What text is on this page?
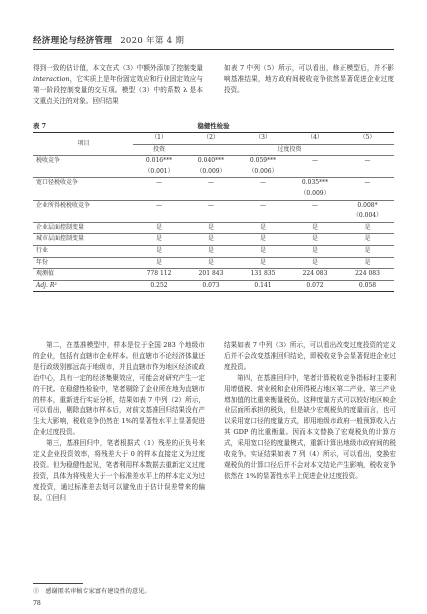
经济理论与经济管理 2020 年第 4 期

得到一致的估计值，本文在式（3）中额外添加了控制变量 interaction，它实质上是年份固定效应和行业固定效应与第一阶段控制变量的交互项。模型（3）中的系数 λ 是本文重点关注的对象。回归结果

如表 7 中列（5）所示，可以看出，修正模型后，并不影响基准结果，地方政府间税收竞争依然显著促进企业过度投资。

表 7	稳健性检验
项目	（1）	（2）	（3）	（4）	（5）
	投资	过度投资			
税收竞争	0.016***	0.040***	0.059***	—	—
	（0.001）	（0.009）	（0.006）		
宽口径税收竞争	—	—	—	0.035***	—
				（0.009）	
企业所得税税收竞争	—	—	—	—	0.008*
					（0.004）
企业层面控制变量	是	是	是	是	是
城市层面控制变量	是	是	是	是	是
行业	是	是	是	是	是
年份	是	是	是	是	是
观测值	778 112	201 843	131 835	224 083	224 083
Adj. R²	0.252	0.073	0.141	0.072	0.058

第二，在基准模型中，样本是位于全国 283 个地级市的企业，包括有直辖市企业样本。但直辖市不论经济体量还是行政级别都远高于地级市，并且直辖市作为地区经济或政治中心，具有一定的经济集聚效应，可能会对研究产生一定的干扰。在稳健性检验中，笔者剔除了企业所在地为直辖市的样本，重新进行实证分析，结果如表 7 中列（2）所示，可以看出，剔除直辖市样本后，对前文基准回归结果没有产生太大影响，税收竞争仍然在 1%的显著性水平上显著促进企业过度投资。

第三，基准回归中，笔者根据式（1）残差的正负号来定义企业投资效率，将残差大于 0 的样本直接定义为过度投资。但为稳健性起见，笔者利用样本数据去重新定义过度投资，具体为将残差大于一个标准差水平上的样本定义为过度投资，通过标准差去划可以避免由于估计误差带来的偏误。①回归

结果如表 7 中列（3）所示，可以看出改变过度投资的定义后并不会改变基准回归结论，即税收竞争会显著促进企业过度投资。

第四，在基准回归中，笔者计算税收竞争指标时主要利用增值税、营业税和企业所得税占地区第二产业、第三产业增加值的比重来衡量税负。这种度量方式可以较好地区映企业层面所承担的税负，但是缺少宏观税负的度量而言，也可以采用宽口径的度量方式，即用地级市政府一般预算收入占其 GDP 的比重衡量。因而本文替换了宏观税负的计算方式，采用宽口径的度量模式，重新计算出地级市政府间的税收竞争。实证结果如表 7 列（4）所示，可以看出，变换宏观税负的计算口径后并不会对本文结论产生影响，税收竞争依然在 1%的显著性水平上促进企业过度投资。

①　感谢匿名审稿专家富有建设性的意见。
78
